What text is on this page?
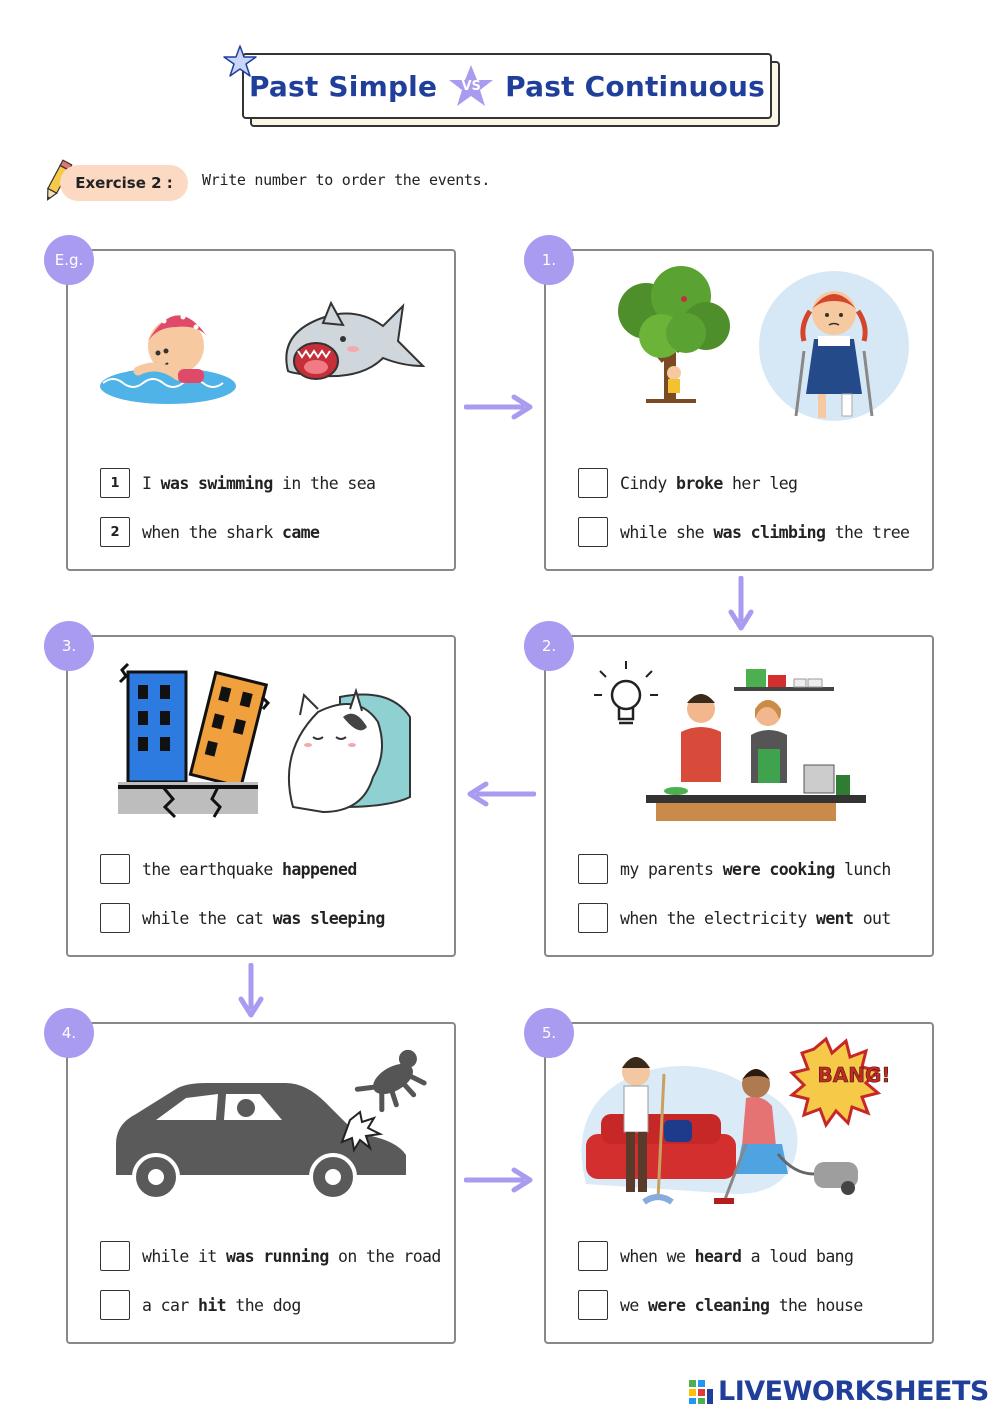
Past Simple	VS Past Continuous
Exercise 2 :	Write number to order the events.
1	I was swimming in the sea
2	when the shark came
E.g.
Cindy broke her leg
while she was climbing the tree
1.
the earthquake happened
while the cat was sleeping
3.
my parents were cooking lunch
when the electricity went out
2.
while it was running on the road
a car hit the dog
4.
BANG!
when we heard a loud bang
we were cleaning the house
5.
LIVEWORKSHEETS
